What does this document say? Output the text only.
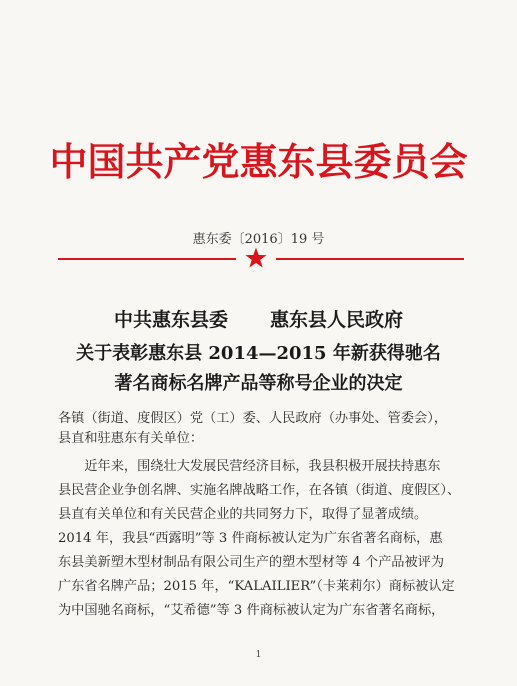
中国共产党惠东县委员会
惠东委〔2016〕19 号
中共惠东县委 惠东县人民政府
关于表彰惠东县 2014—2015 年新获得驰名
著名商标名牌产品等称号企业的决定
各镇（街道、度假区）党（工）委、人民政府（办事处、管委会），
县直和驻惠东有关单位：
　　近年来，围绕壮大发展民营经济目标，我县积极开展扶持惠东
县民营企业争创名牌、实施名牌战略工作，在各镇（街道、度假区）、
县直有关单位和有关民营企业的共同努力下，取得了显著成绩。
2014 年，我县“西露明”等 3 件商标被认定为广东省著名商标，惠
东县美新塑木型材制品有限公司生产的塑木型材等 4 个产品被评为
广东省名牌产品；2015 年，“KALAILIER”（卡莱莉尔）商标被认定
为中国驰名商标，“艾希德”等 3 件商标被认定为广东省著名商标，
1
